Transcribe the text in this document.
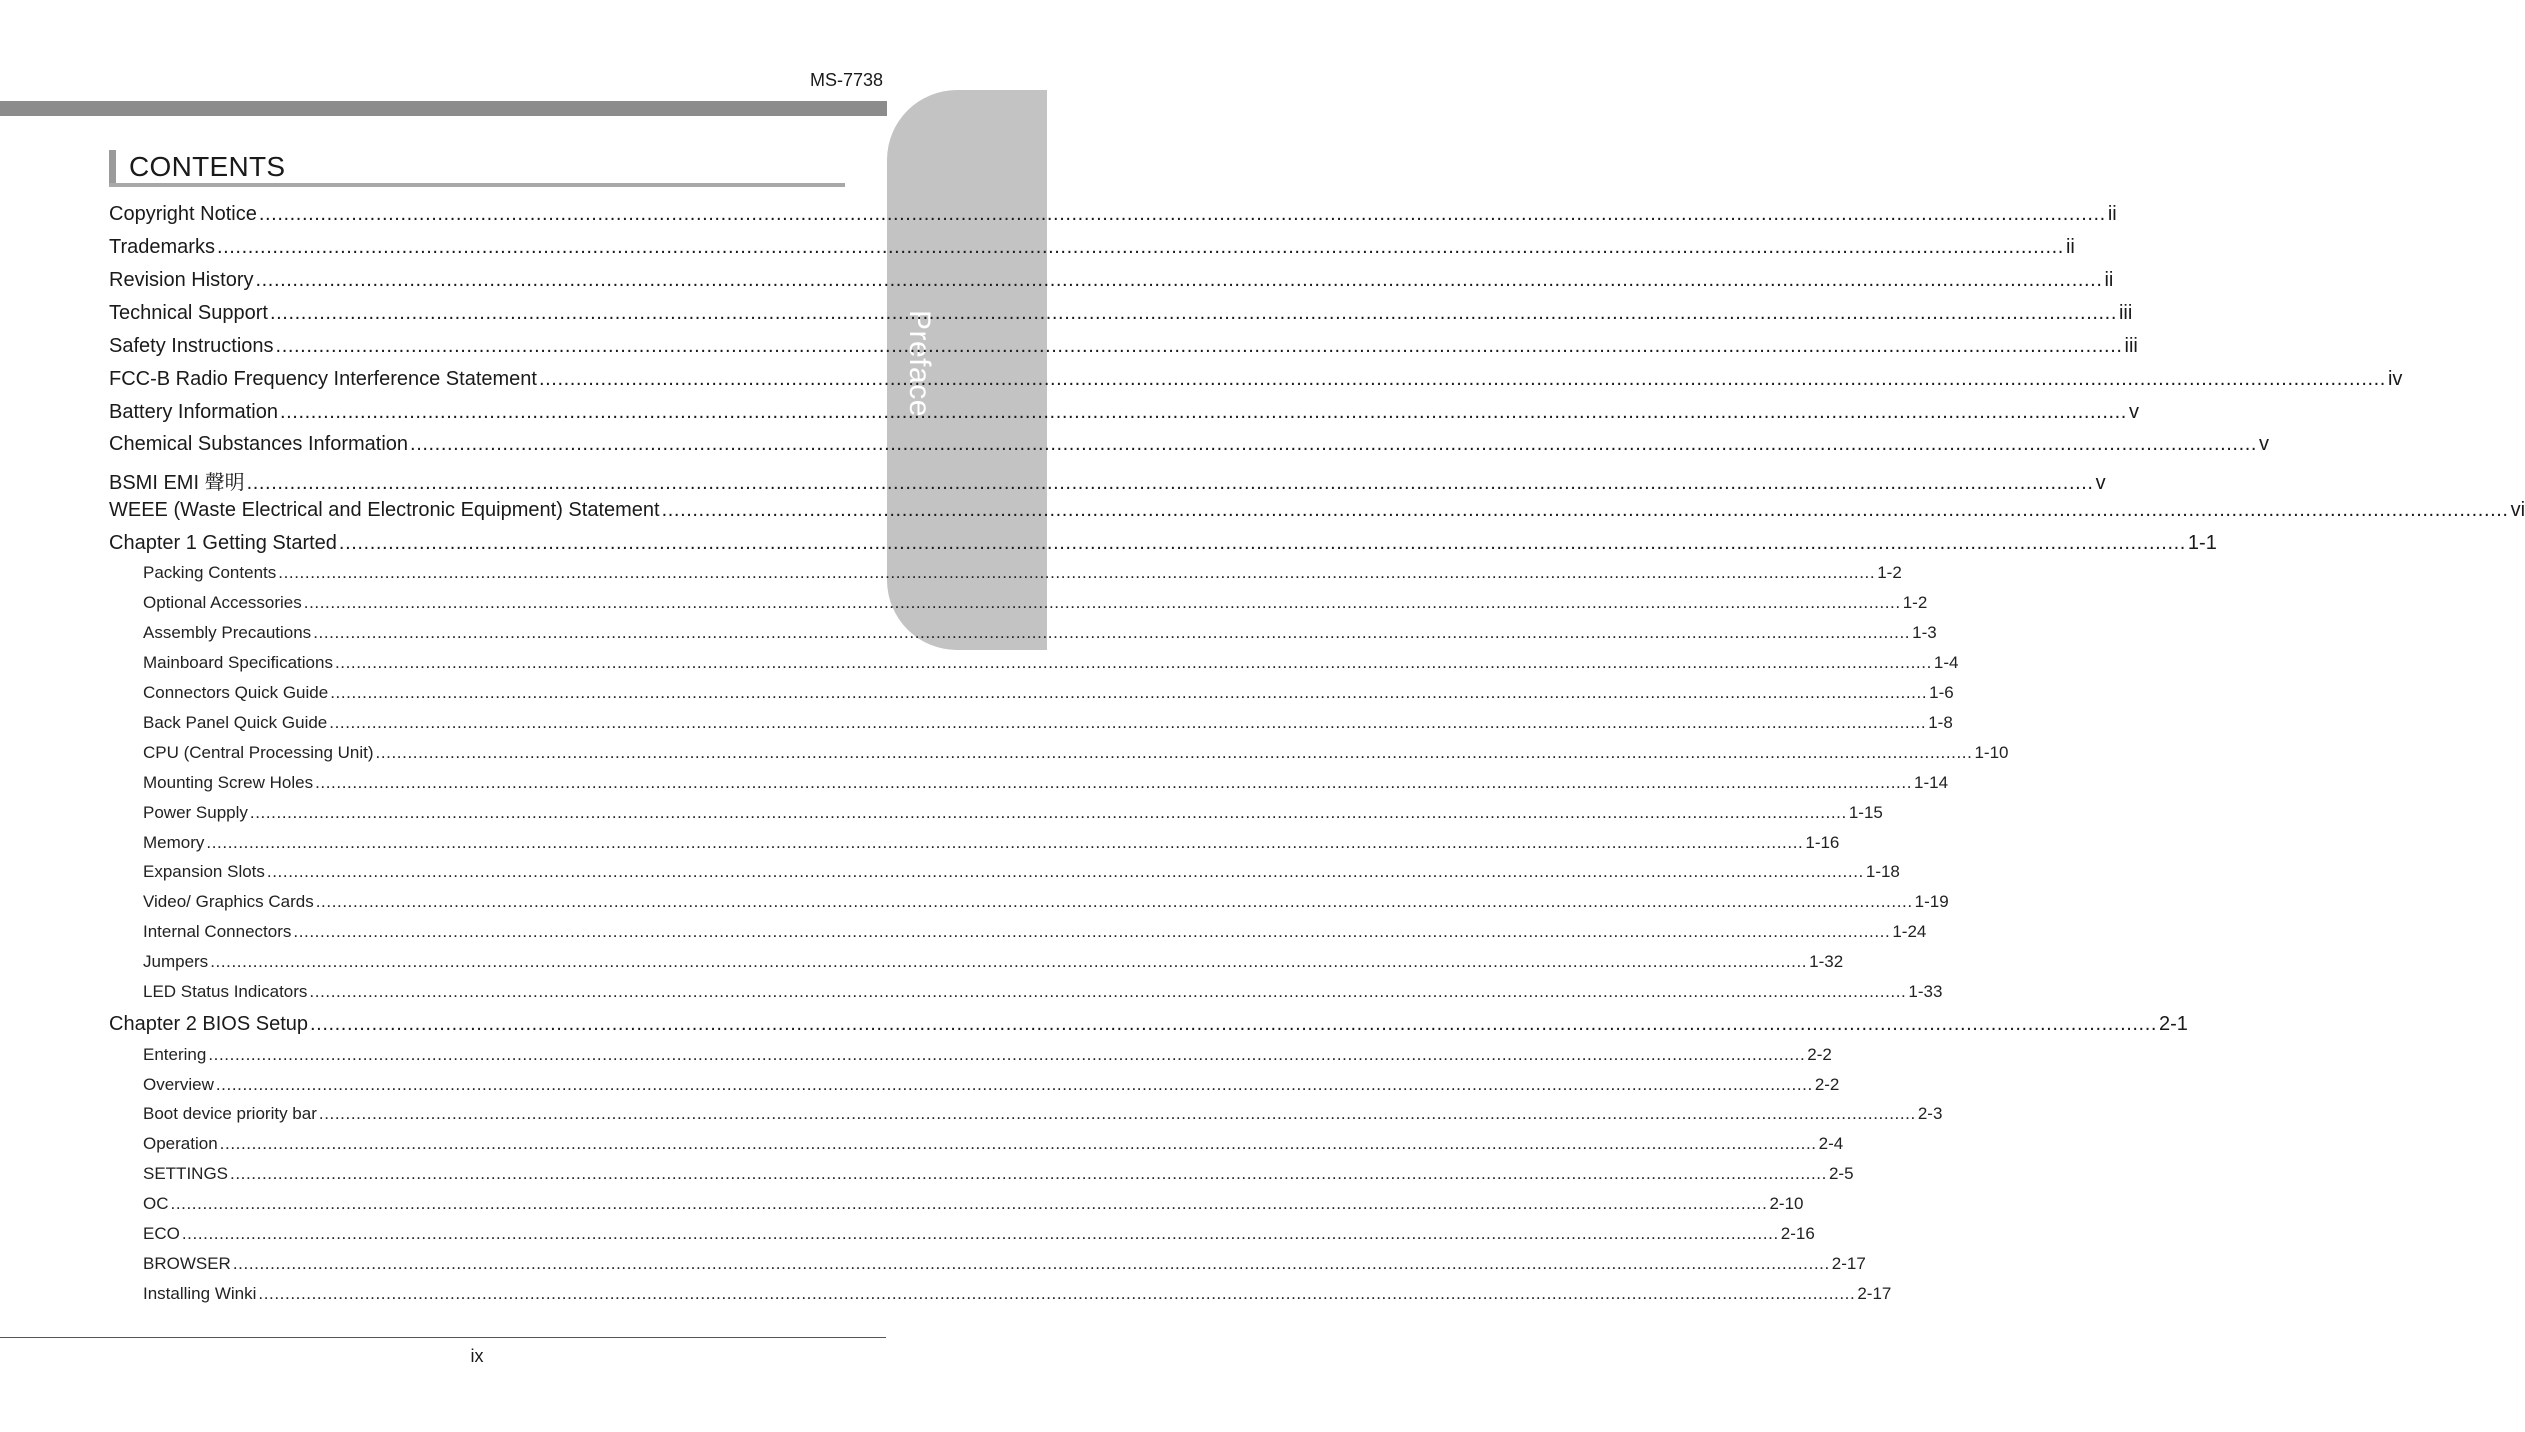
MS-7738
Preface
CONTENTS
Copyright Notice ............................................................................................................................................................................................................................................................................................................ ii
Trademarks ............................................................................................................................................................................................................................................................................................................ ii
Revision History ............................................................................................................................................................................................................................................................................................................ ii
Technical Support ............................................................................................................................................................................................................................................................................................................ iii
Safety Instructions ............................................................................................................................................................................................................................................................................................................ iii
FCC-B Radio Frequency Interference Statement ............................................................................................................................................................................................................................................................................................................ iv
Battery Information ............................................................................................................................................................................................................................................................................................................ v
Chemical Substances Information ............................................................................................................................................................................................................................................................................................................ v
BSMI EMI 聲明 ............................................................................................................................................................................................................................................................................................................ v
WEEE (Waste Electrical and Electronic Equipment) Statement ............................................................................................................................................................................................................................................................................................................ vi
Chapter 1 Getting Started ............................................................................................................................................................................................................................................................................................................ 1-1
Packing Contents ............................................................................................................................................................................................................................................................................................................ 1-2
Optional Accessories ............................................................................................................................................................................................................................................................................................................ 1-2
Assembly Precautions ............................................................................................................................................................................................................................................................................................................ 1-3
Mainboard Specifications ............................................................................................................................................................................................................................................................................................................ 1-4
Connectors Quick Guide ............................................................................................................................................................................................................................................................................................................ 1-6
Back Panel Quick Guide ............................................................................................................................................................................................................................................................................................................ 1-8
CPU (Central Processing Unit) ............................................................................................................................................................................................................................................................................................................ 1-10
Mounting Screw Holes ............................................................................................................................................................................................................................................................................................................ 1-14
Power Supply ............................................................................................................................................................................................................................................................................................................ 1-15
Memory ............................................................................................................................................................................................................................................................................................................ 1-16
Expansion Slots ............................................................................................................................................................................................................................................................................................................ 1-18
Video/ Graphics Cards ............................................................................................................................................................................................................................................................................................................ 1-19
Internal Connectors ............................................................................................................................................................................................................................................................................................................ 1-24
Jumpers ............................................................................................................................................................................................................................................................................................................ 1-32
LED Status Indicators ............................................................................................................................................................................................................................................................................................................ 1-33
Chapter 2 BIOS Setup ............................................................................................................................................................................................................................................................................................................ 2-1
Entering ............................................................................................................................................................................................................................................................................................................ 2-2
Overview ............................................................................................................................................................................................................................................................................................................ 2-2
Boot device priority bar ............................................................................................................................................................................................................................................................................................................ 2-3
Operation ............................................................................................................................................................................................................................................................................................................ 2-4
SETTINGS ............................................................................................................................................................................................................................................................................................................ 2-5
OC ............................................................................................................................................................................................................................................................................................................ 2-10
ECO ............................................................................................................................................................................................................................................................................................................ 2-16
BROWSER ............................................................................................................................................................................................................................................................................................................ 2-17
Installing Winki ............................................................................................................................................................................................................................................................................................................ 2-17
ix
